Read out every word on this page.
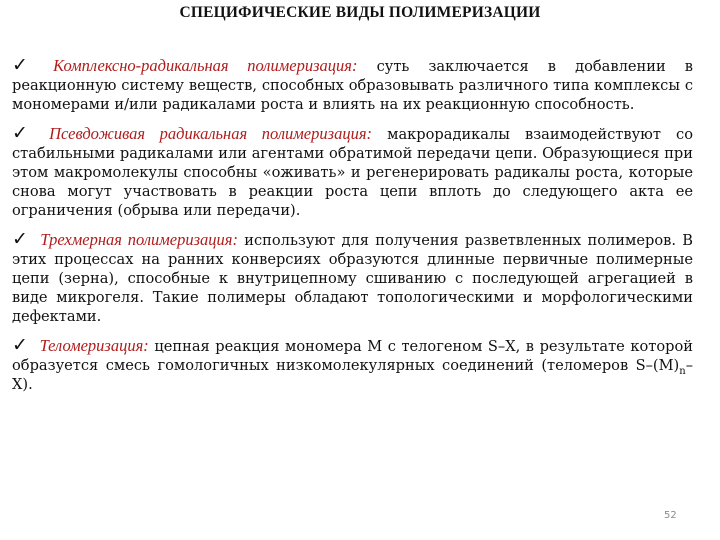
СПЕЦИФИЧЕСКИЕ ВИДЫ ПОЛИМЕРИЗАЦИИ

✓ Комплексно-радикальная полимеризация: суть заключается в добавлении в реакционную систему веществ, способных образовывать различного типа комплексы с мономерами и/или радикалами роста и влиять на их реакционную способность.

✓ Псевдоживая радикальная полимеризация: макрорадикалы взаимодействуют со стабильными радикалами или агентами обратимой передачи цепи. Образующиеся при этом макромолекулы способны «оживать» и регенерировать радикалы роста, которые снова могут участвовать в реакции роста цепи вплоть до следующего акта ее ограничения (обрыва или передачи).

✓ Трехмерная полимеризация: используют для получения разветвленных полимеров. В этих процессах на ранних конверсиях образуются длинные первичные полимерные цепи (зерна), способные к внутрицепному сшиванию с последующей агрегацией в виде микрогеля. Такие полимеры обладают топологическими и морфологическими дефектами.

✓ Теломеризация: цепная реакция мономера М с телогеном S–X, в результате которой образуется смесь гомологичных низкомолекулярных соединений (теломеров $S-(M)_n-X$).

52
